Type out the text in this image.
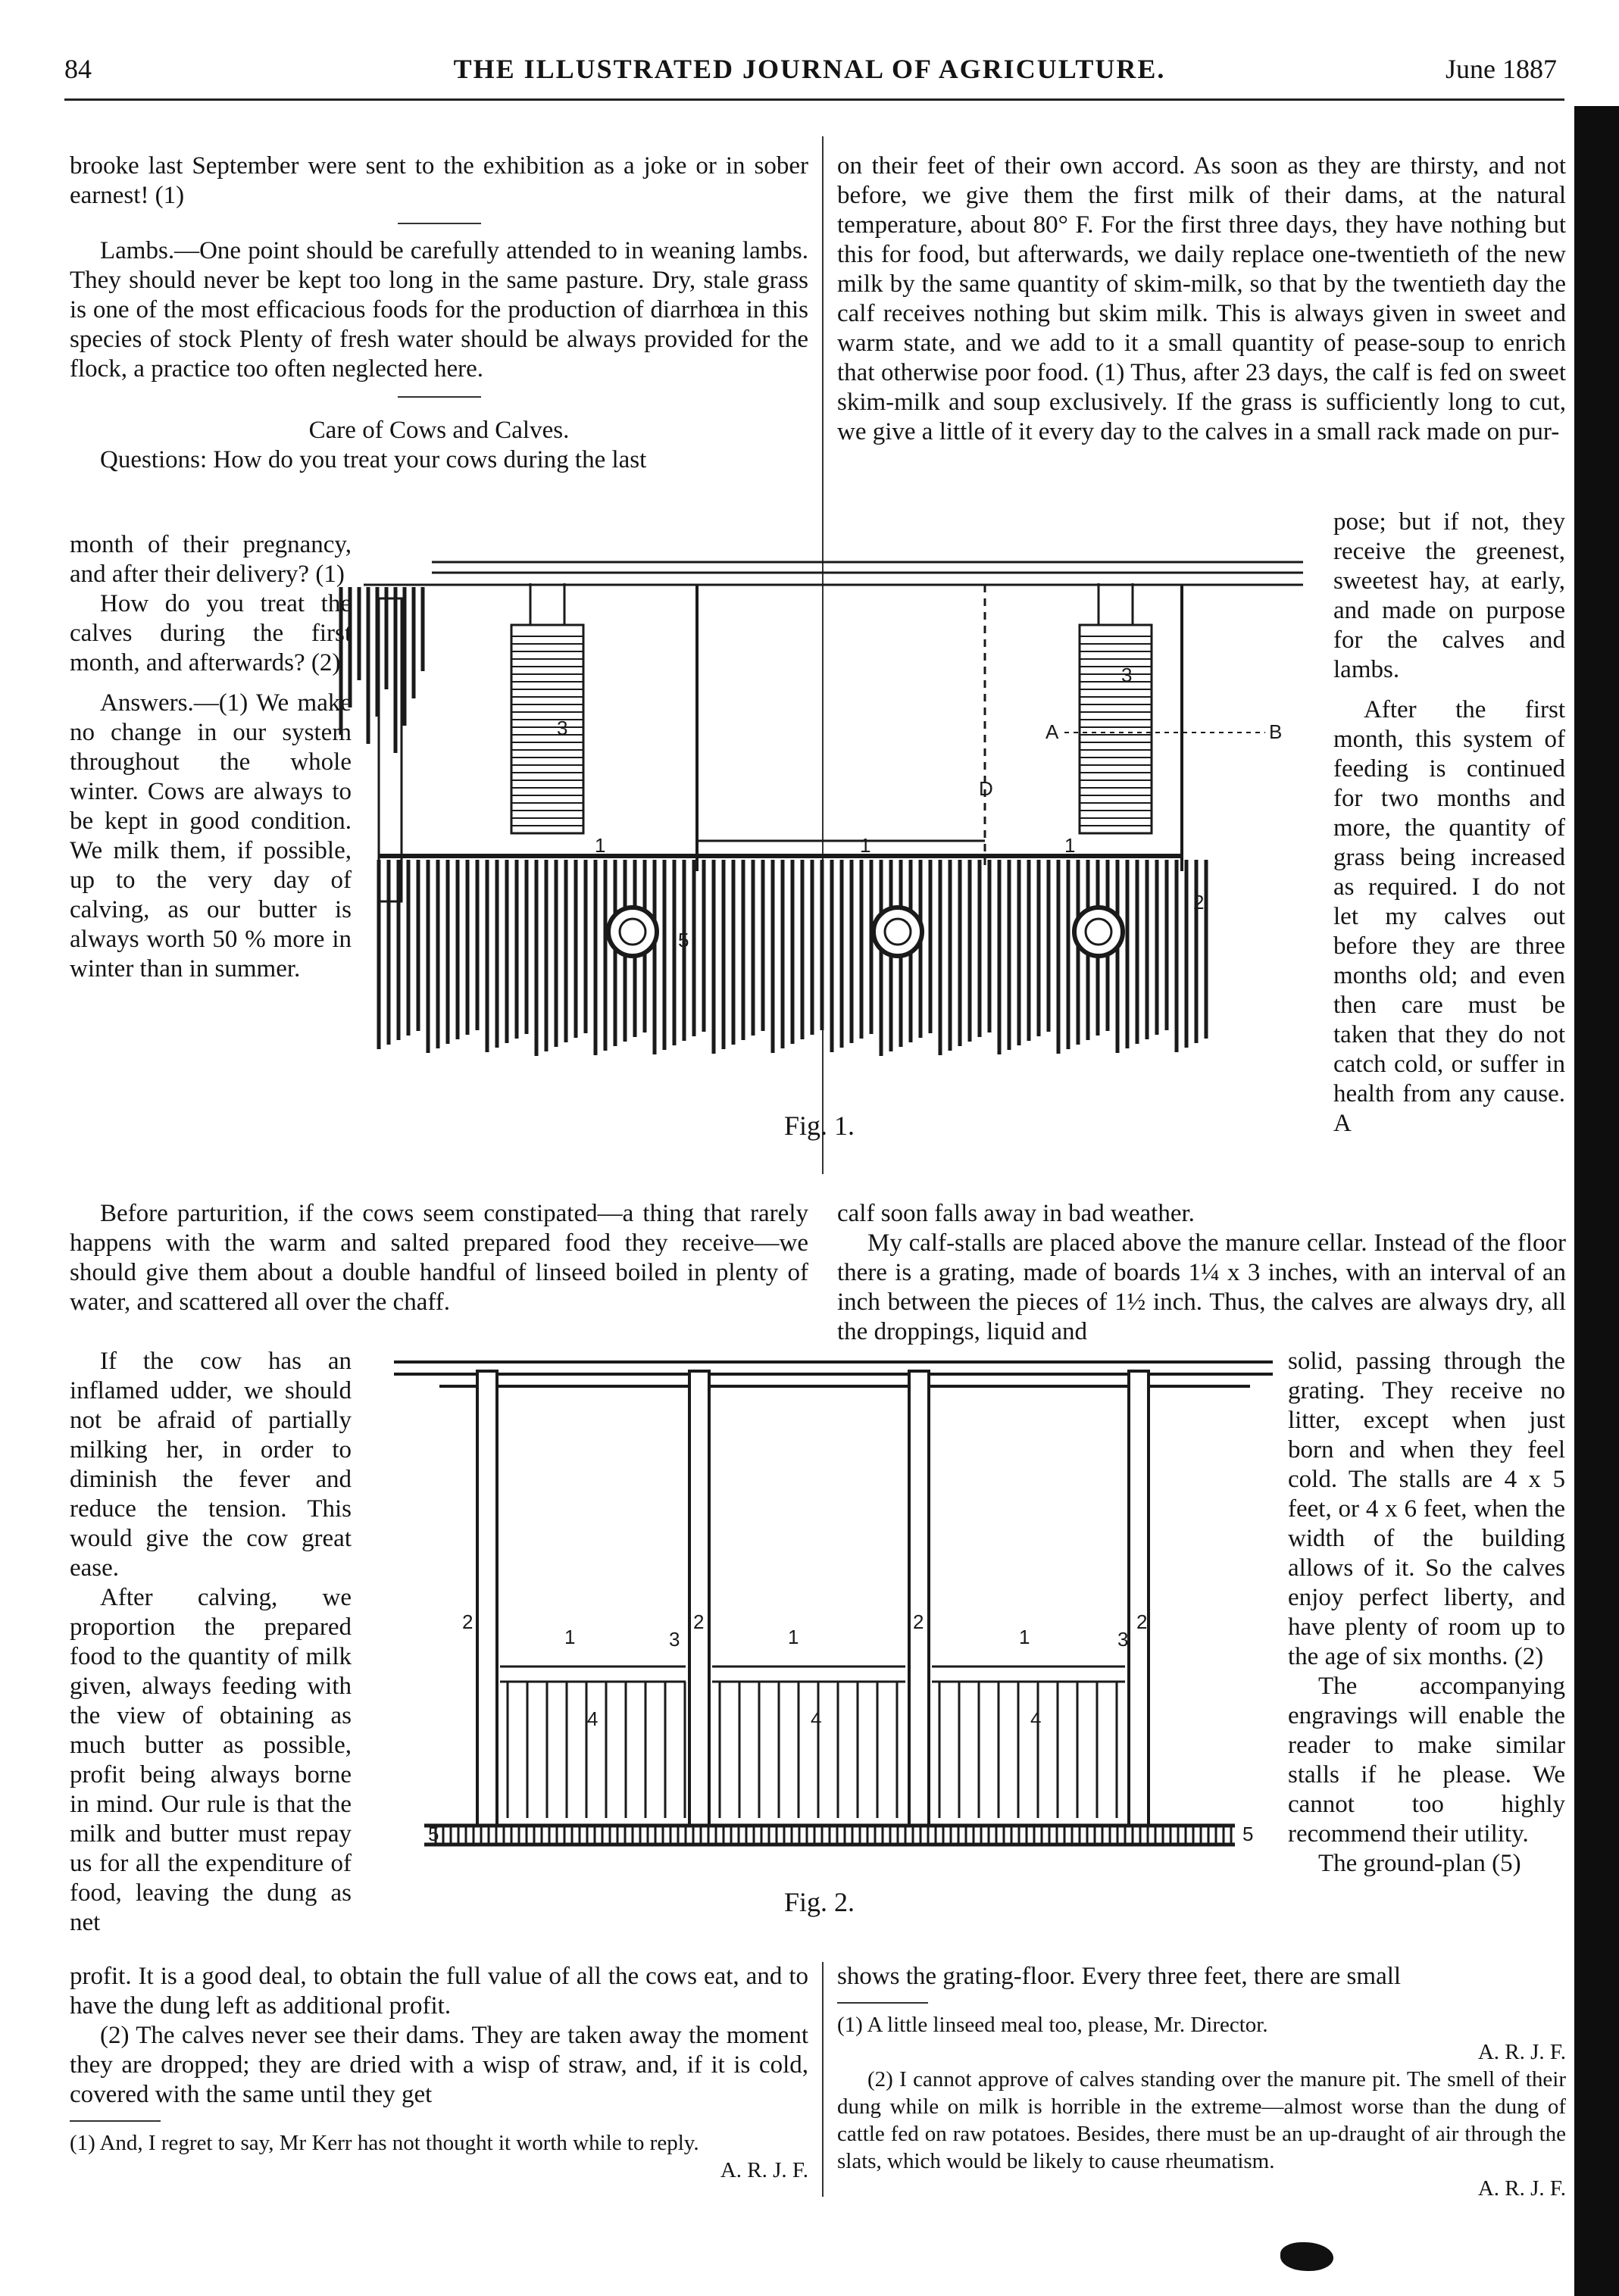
84	THE ILLUSTRATED JOURNAL OF AGRICULTURE.	June 1887

brooke last September were sent to the exhibition as a joke or in sober earnest! (1)

Lambs.—One point should be carefully attended to in weaning lambs. They should never be kept too long in the same pasture. Dry, stale grass is one of the most efficacious foods for the production of diarrhœa in this species of stock Plenty of fresh water should be always provided for the flock, a practice too often neglected here.

Care of Cows and Calves.

Questions: How do you treat your cows during the last

month of their pregnancy, and after their delivery? (1)

How do you treat the calves during the first month, and afterwards? (2)

Answers.—(1) We make no change in our system throughout the whole winter. Cows are always to be kept in good condition. We milk them, if possible, up to the very day of calving, as our butter is always worth 50 % more in winter than in summer.

on their feet of their own accord. As soon as they are thirsty, and not before, we give them the first milk of their dams, at the natural temperature, about 80° F. For the first three days, they have nothing but this for food, but afterwards, we daily replace one-twentieth of the new milk by the same quantity of skim-milk, so that by the twentieth day the calf receives nothing but skim milk. This is always given in sweet and warm state, and we add to it a small quantity of pease-soup to enrich that otherwise poor food. (1) Thus, after 23 days, the calf is fed on sweet skim-milk and soup exclusively. If the grass is sufficiently long to cut, we give a little of it every day to the calves in a small rack made on pur-

pose; but if not, they receive the greenest, sweetest hay, at early, and made on purpose for the calves and lambs.

After the first month, this system of feeding is continued for two months and more, the quantity of grass being increased as required. I do not let my calves out before they are three months old; and even then care must be taken that they do not catch cold, or suffer in health from any cause. A

3
3
1	1	1
2
5
A	B
D
Fig. 1.

Before parturition, if the cows seem constipated—a thing that rarely happens with the warm and salted prepared food they receive—we should give them about a double handful of linseed boiled in plenty of water, and scattered all over the chaff.

calf soon falls away in bad weather.

My calf-stalls are placed above the manure cellar. Instead of the floor there is a grating, made of boards 1¼ x 3 inches, with an interval of an inch between the pieces of 1½ inch. Thus, the calves are always dry, all the droppings, liquid and

If the cow has an inflamed udder, we should not be afraid of partially milking her, in order to diminish the fever and reduce the tension. This would give the cow great ease.

After calving, we proportion the prepared food to the quantity of milk given, always feeding with the view of obtaining as much butter as possible, profit being always borne in mind. Our rule is that the milk and butter must repay us for all the expenditure of food, leaving the dung as net

solid, passing through the grating. They receive no litter, except when just born and when they feel cold. The stalls are 4 x 5 feet, or 4 x 6 feet, when the width of the building allows of it. So the calves enjoy perfect liberty, and have plenty of room up to the age of six months. (2)

The accompanying engravings will enable the reader to make similar stalls if he please. We cannot too highly recommend their utility.

The ground-plan (5)

2	2	2	2
1	1	1
3	3
4	4	4
5	5
Fig. 2.

profit. It is a good deal, to obtain the full value of all the cows eat, and to have the dung left as additional profit.

(2) The calves never see their dams. They are taken away the moment they are dropped; they are dried with a wisp of straw, and, if it is cold, covered with the same until they get

(1) And, I regret to say, Mr Kerr has not thought it worth while to reply.

A. R. J. F.

shows the grating-floor. Every three feet, there are small

(1) A little linseed meal too, please, Mr. Director.

A. R. J. F.

(2) I cannot approve of calves standing over the manure pit. The smell of their dung while on milk is horrible in the extreme—almost worse than the dung of cattle fed on raw potatoes. Besides, there must be an up-draught of air through the slats, which would be likely to cause rheumatism.

A. R. J. F.
